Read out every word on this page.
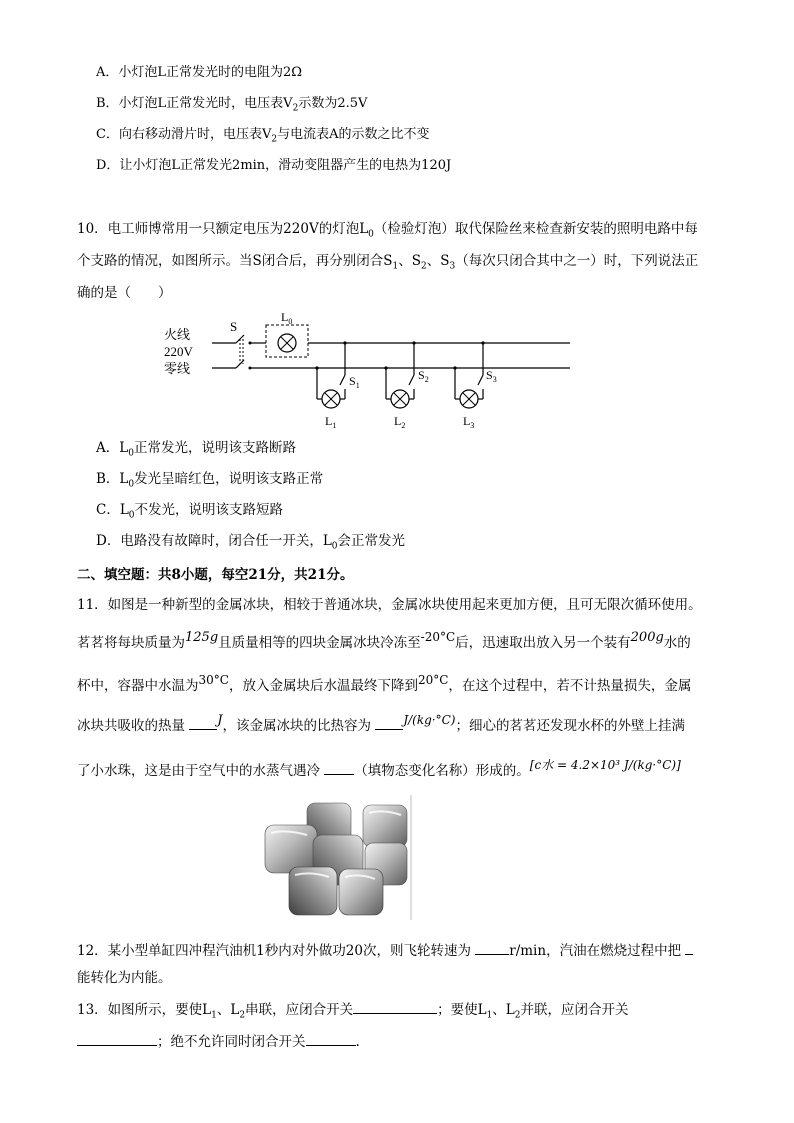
A．小灯泡L正常发光时的电阻为2Ω
B．小灯泡L正常发光时，电压表$V_2$示数为2.5V
C．向右移动滑片时，电压表$V_2$与电流表A的示数之比不变
D．让小灯泡L正常发光2min，滑动变阻器产生的电热为120J
10．电工师博常用一只额定电压为220V的灯泡$L_0$（检验灯泡）取代保险丝来检查新安装的照明电路中每
个支路的情况，如图所示。当S闭合后，再分别闭合$S_1$、$S_2$、$S_3$（每次只闭合其中之一）时，下列说法正
确的是（　　）
火线
220V
零线
S
$L_0$
$S_1$
$L_1$
$S_2$
$L_2$
$S_3$
$L_3$
A．$L_0$正常发光，说明该支路断路
B．$L_0$发光呈暗红色，说明该支路正常
C．$L_0$不发光，说明该支路短路
D．电路没有故障时，闭合任一开关，$L_0$会正常发光
二、填空题：共8小题，每空21分，共21分。
11．如图是一种新型的金属冰块，相较于普通冰块，金属冰块使用起来更加方便，且可无限次循环使用。
茗茗将每块质量为125g且质量相等的四块金属冰块冷冻至-20°C后，迅速取出放入另一个装有200g水的
杯中，容器中水温为30°C，放入金属块后水温最终下降到20°C，在这个过程中，若不计热量损失，金属
冰块共吸收的热量 J，该金属冰块的比热容为 J/(kg·°C)；细心的茗茗还发现水杯的外壁上挂满
了小水珠，这是由于空气中的水蒸气遇冷 （填物态变化名称）形成的。[c水 = 4.2×10³ J/(kg·°C)]
12．某小型单缸四冲程汽油机1秒内对外做功20次，则飞轮转速为	r/min，汽油在燃烧过程中把
能转化为内能。
13．如图所示，要使$L_1$、$L_2$串联，应闭合开关	；要使$L_1$、$L_2$并联，应闭合开关
；绝不允许同时闭合开关	.
